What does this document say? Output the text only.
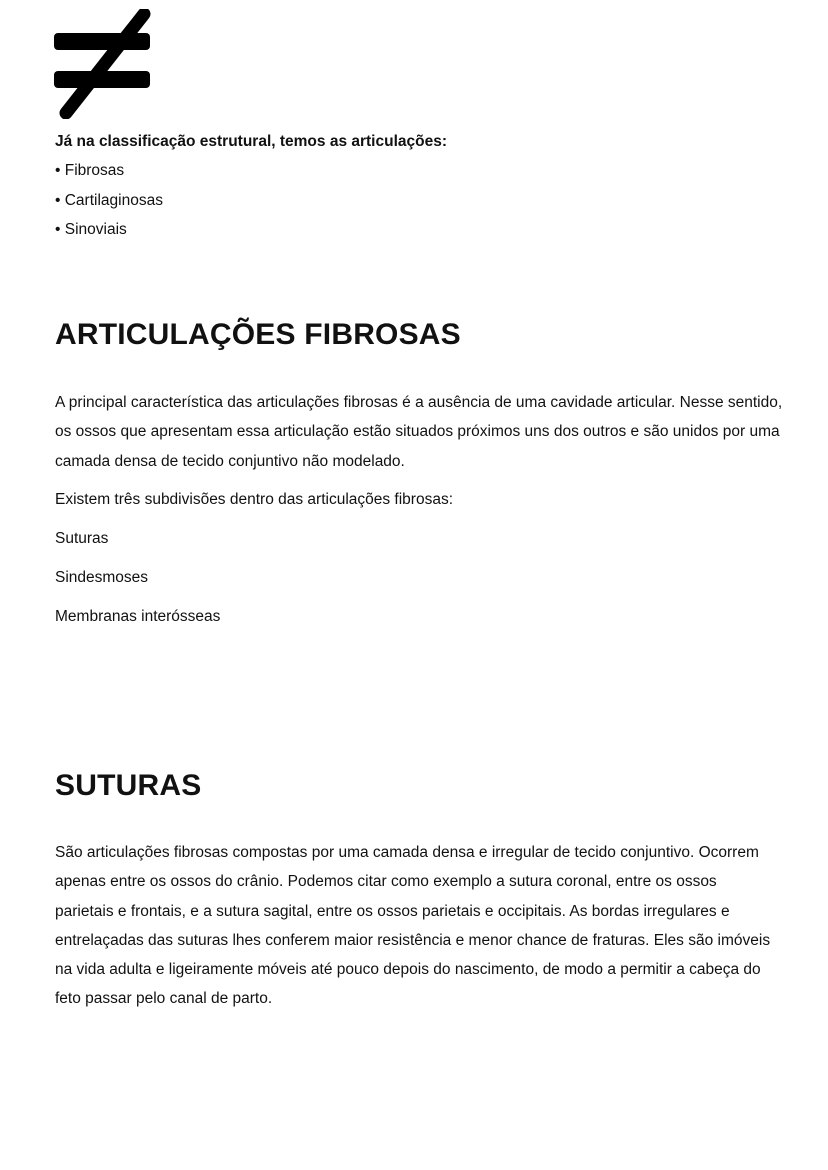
Já na classificação estrutural, temos as articulações:

• Fibrosas

• Cartilaginosas

• Sinoviais

ARTICULAÇÕES FIBROSAS

A principal característica das articulações fibrosas é a ausência de uma cavidade articular. Nesse sentido, os ossos que apresentam essa articulação estão situados próximos uns dos outros e são unidos por uma camada densa de tecido conjuntivo não modelado.

Existem três subdivisões dentro das articulações fibrosas:

Suturas

Sindesmoses

Membranas interósseas

SUTURAS

São articulações fibrosas compostas por uma camada densa e irregular de tecido conjuntivo. Ocorrem apenas entre os ossos do crânio. Podemos citar como exemplo a sutura coronal, entre os ossos parietais e frontais, e a sutura sagital, entre os ossos parietais e occipitais. As bordas irregulares e entrelaçadas das suturas lhes conferem maior resistência e menor chance de fraturas. Eles são imóveis na vida adulta e ligeiramente móveis até pouco depois do nascimento, de modo a permitir a cabeça do feto passar pelo canal de parto.
